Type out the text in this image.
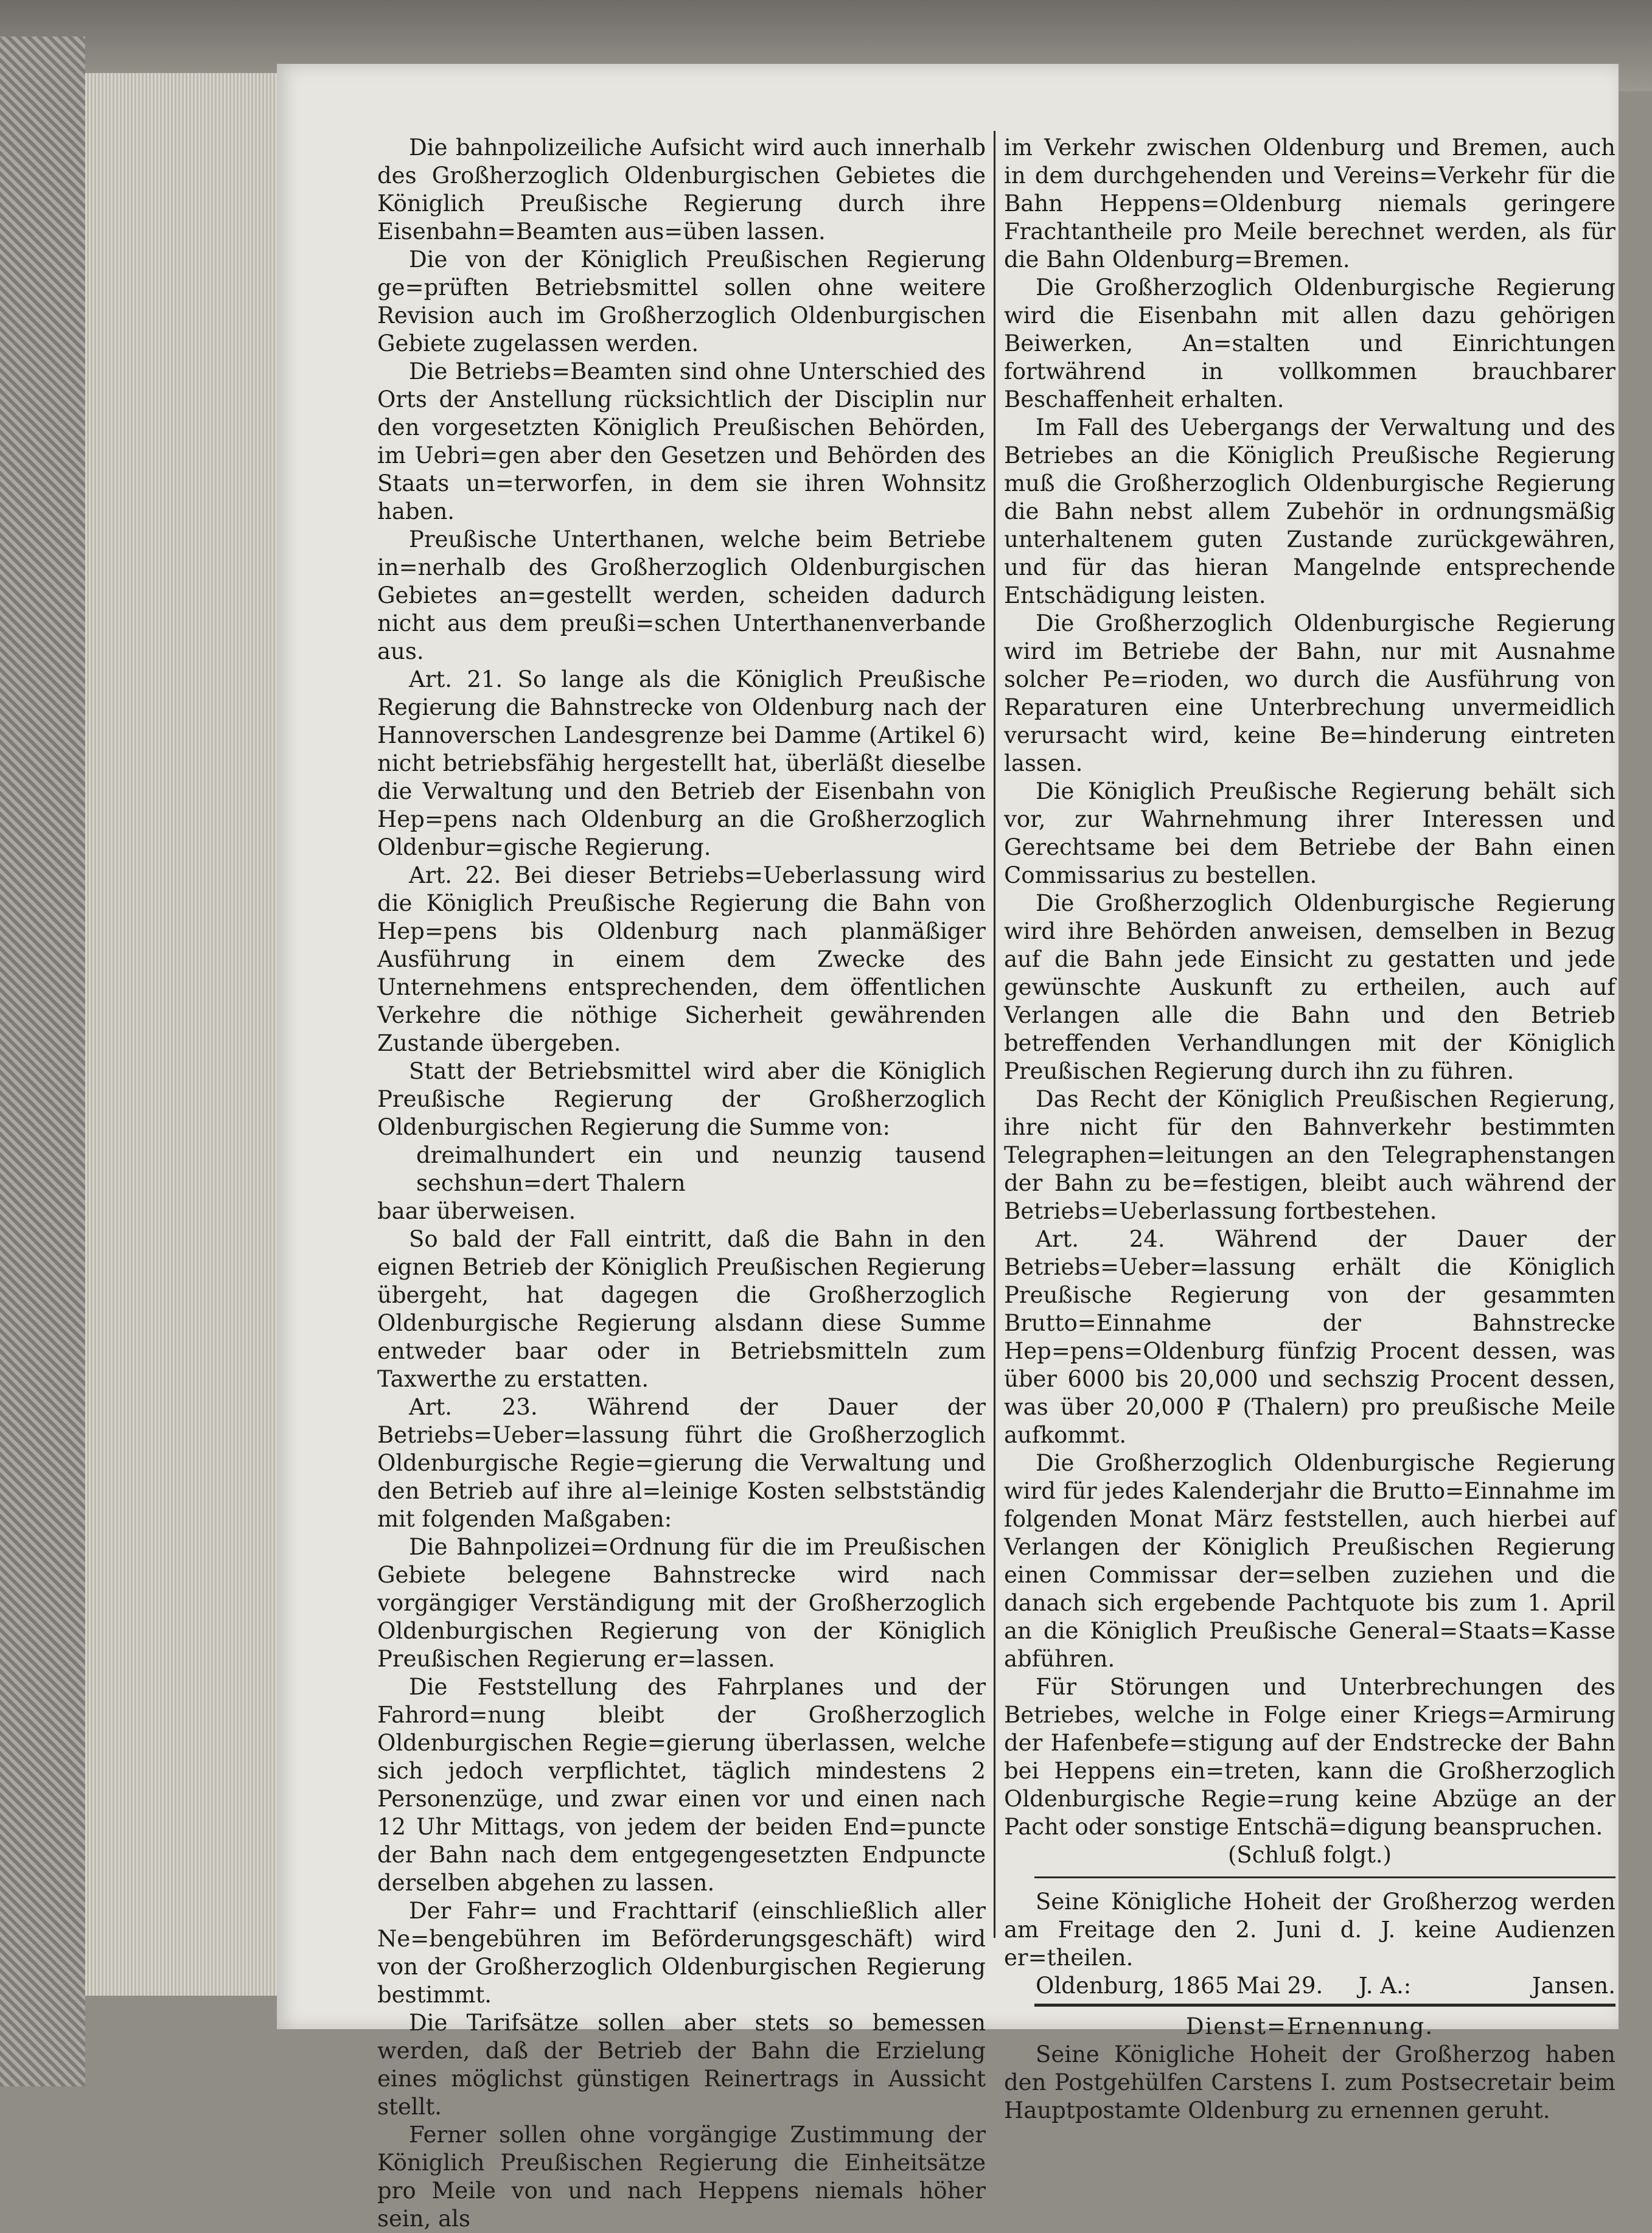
Die bahnpolizeiliche Aufsicht wird auch innerhalb des Großherzoglich Oldenburgischen Gebietes die Königlich Preußische Regierung durch ihre Eisenbahn=Beamten aus=üben lassen.

Die von der Königlich Preußischen Regierung ge=prüften Betriebsmittel sollen ohne weitere Revision auch im Großherzoglich Oldenburgischen Gebiete zugelassen werden.

Die Betriebs=Beamten sind ohne Unterschied des Orts der Anstellung rücksichtlich der Disciplin nur den vorgesetzten Königlich Preußischen Behörden, im Uebri=gen aber den Gesetzen und Behörden des Staats un=terworfen, in dem sie ihren Wohnsitz haben.

Preußische Unterthanen, welche beim Betriebe in=nerhalb des Großherzoglich Oldenburgischen Gebietes an=gestellt werden, scheiden dadurch nicht aus dem preußi=schen Unterthanenverbande aus.

Art. 21. So lange als die Königlich Preußische Regierung die Bahnstrecke von Oldenburg nach der Hannoverschen Landesgrenze bei Damme (Artikel 6) nicht betriebsfähig hergestellt hat, überläßt dieselbe die Verwaltung und den Betrieb der Eisenbahn von Hep=pens nach Oldenburg an die Großherzoglich Oldenbur=gische Regierung.

Art. 22. Bei dieser Betriebs=Ueberlassung wird die Königlich Preußische Regierung die Bahn von Hep=pens bis Oldenburg nach planmäßiger Ausführung in einem dem Zwecke des Unternehmens entsprechenden, dem öffentlichen Verkehre die nöthige Sicherheit gewährenden Zustande übergeben.

Statt der Betriebsmittel wird aber die Königlich Preußische Regierung der Großherzoglich Oldenburgischen Regierung die Summe von:

dreimalhundert ein und neunzig tausend sechshun=dert Thalern

baar überweisen.

So bald der Fall eintritt, daß die Bahn in den eignen Betrieb der Königlich Preußischen Regierung übergeht, hat dagegen die Großherzoglich Oldenburgische Regierung alsdann diese Summe entweder baar oder in Betriebsmitteln zum Taxwerthe zu erstatten.

Art. 23. Während der Dauer der Betriebs=Ueber=lassung führt die Großherzoglich Oldenburgische Regie=gierung die Verwaltung und den Betrieb auf ihre al=leinige Kosten selbstständig mit folgenden Maßgaben:

Die Bahnpolizei=Ordnung für die im Preußischen Gebiete belegene Bahnstrecke wird nach vorgängiger Verständigung mit der Großherzoglich Oldenburgischen Regierung von der Königlich Preußischen Regierung er=lassen.

Die Feststellung des Fahrplanes und der Fahrord=nung bleibt der Großherzoglich Oldenburgischen Regie=gierung überlassen, welche sich jedoch verpflichtet, täglich mindestens 2 Personenzüge, und zwar einen vor und einen nach 12 Uhr Mittags, von jedem der beiden End=puncte der Bahn nach dem entgegengesetzten Endpuncte derselben abgehen zu lassen.

Der Fahr= und Frachttarif (einschließlich aller Ne=bengebühren im Beförderungsgeschäft) wird von der Großherzoglich Oldenburgischen Regierung bestimmt.

Die Tarifsätze sollen aber stets so bemessen werden, daß der Betrieb der Bahn die Erzielung eines möglichst günstigen Reinertrags in Aussicht stellt.

Ferner sollen ohne vorgängige Zustimmung der Königlich Preußischen Regierung die Einheitsätze pro Meile von und nach Heppens niemals höher sein, als

im Verkehr zwischen Oldenburg und Bremen, auch in dem durchgehenden und Vereins=Verkehr für die Bahn Heppens=Oldenburg niemals geringere Frachtantheile pro Meile berechnet werden, als für die Bahn Oldenburg=Bremen.

Die Großherzoglich Oldenburgische Regierung wird die Eisenbahn mit allen dazu gehörigen Beiwerken, An=stalten und Einrichtungen fortwährend in vollkommen brauchbarer Beschaffenheit erhalten.

Im Fall des Uebergangs der Verwaltung und des Betriebes an die Königlich Preußische Regierung muß die Großherzoglich Oldenburgische Regierung die Bahn nebst allem Zubehör in ordnungsmäßig unterhaltenem guten Zustande zurückgewähren, und für das hieran Mangelnde entsprechende Entschädigung leisten.

Die Großherzoglich Oldenburgische Regierung wird im Betriebe der Bahn, nur mit Ausnahme solcher Pe=rioden, wo durch die Ausführung von Reparaturen eine Unterbrechung unvermeidlich verursacht wird, keine Be=hinderung eintreten lassen.

Die Königlich Preußische Regierung behält sich vor, zur Wahrnehmung ihrer Interessen und Gerechtsame bei dem Betriebe der Bahn einen Commissarius zu bestellen.

Die Großherzoglich Oldenburgische Regierung wird ihre Behörden anweisen, demselben in Bezug auf die Bahn jede Einsicht zu gestatten und jede gewünschte Auskunft zu ertheilen, auch auf Verlangen alle die Bahn und den Betrieb betreffenden Verhandlungen mit der Königlich Preußischen Regierung durch ihn zu führen.

Das Recht der Königlich Preußischen Regierung, ihre nicht für den Bahnverkehr bestimmten Telegraphen=leitungen an den Telegraphenstangen der Bahn zu be=festigen, bleibt auch während der Betriebs=Ueberlassung fortbestehen.

Art. 24. Während der Dauer der Betriebs=Ueber=lassung erhält die Königlich Preußische Regierung von der gesammten Brutto=Einnahme der Bahnstrecke Hep=pens=Oldenburg fünfzig Procent dessen, was über 6000 bis 20,000 und sechszig Procent dessen, was über 20,000 ₽ (Thalern) pro preußische Meile aufkommt.

Die Großherzoglich Oldenburgische Regierung wird für jedes Kalenderjahr die Brutto=Einnahme im folgenden Monat März feststellen, auch hierbei auf Verlangen der Königlich Preußischen Regierung einen Commissar der=selben zuziehen und die danach sich ergebende Pachtquote bis zum 1. April an die Königlich Preußische General=Staats=Kasse abführen.

Für Störungen und Unterbrechungen des Betriebes, welche in Folge einer Kriegs=Armirung der Hafenbefe=stigung auf der Endstrecke der Bahn bei Heppens ein=treten, kann die Großherzoglich Oldenburgische Regie=rung keine Abzüge an der Pacht oder sonstige Entschä=digung beanspruchen.

(Schluß folgt.)

Seine Königliche Hoheit der Großherzog werden am Freitage den 2. Juni d. J. keine Audienzen er=theilen.

Oldenburg, 1865 Mai 29. J. A.:	Jansen.

Dienst=Ernennung.

Seine Königliche Hoheit der Großherzog haben den Postgehülfen Carstens I. zum Postsecretair beim Hauptpostamte Oldenburg zu ernennen geruht.
